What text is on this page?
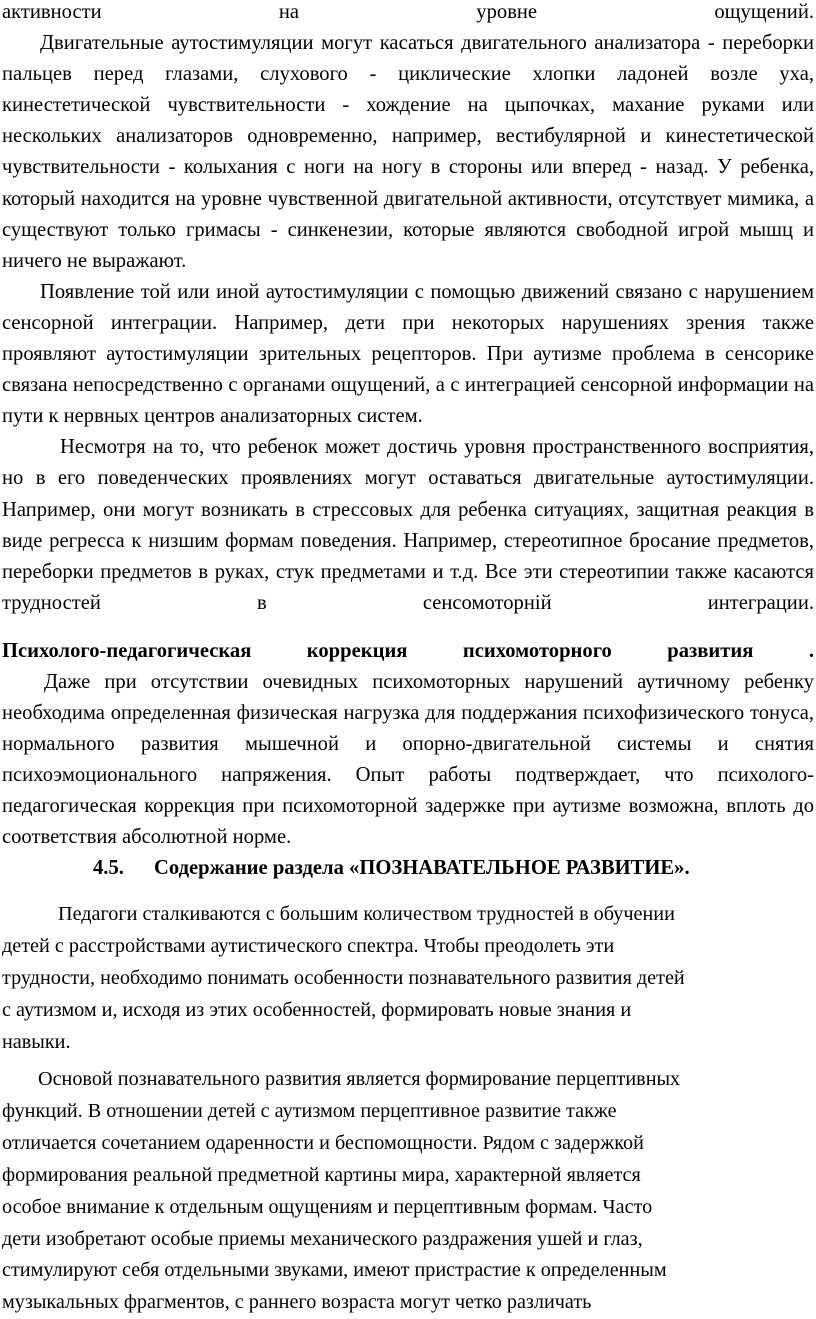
активности на уровне ощущений.

Двигательные аутостимуляции могут касаться двигательного анализатора - переборки пальцев перед глазами, слухового - циклические хлопки ладоней возле уха, кинестетической чувствительности - хождение на цыпочках, махание руками или нескольких анализаторов одновременно, например, вестибулярной и кинестетической чувствительности - колыхания с ноги на ногу в стороны или вперед - назад. У ребенка, который находится на уровне чувственной двигательной активности, отсутствует мимика, а существуют только гримасы - синкенезии, которые являются свободной игрой мышц и ничего не выражают.

Появление той или иной аутостимуляции с помощью движений связано с нарушением сенсорной интеграции. Например, дети при некоторых нарушениях зрения также проявляют аутостимуляции зрительных рецепторов. При аутизме проблема в сенсорике связана непосредственно с органами ощущений, а с интеграцией сенсорной информации на пути к нервных центров анализаторных систем.

Несмотря на то, что ребенок может достичь уровня пространственного восприятия, но в его поведенческих проявлениях могут оставаться двигательные аутостимуляции. Например, они могут возникать в стрессовых для ребенка ситуациях, защитная реакция в виде регресса к низшим формам поведения. Например, стереотипное бросание предметов, переборки предметов в руках, стук предметами и т.д. Все эти стереотипии также касаются трудностей в сенсомоторній интеграции.

Психолого-педагогическая коррекция психомоторного развития .

Даже при отсутствии очевидных психомоторных нарушений аутичному ребенку необходима определенная физическая нагрузка для поддержания психофизического тонуса, нормального развития мышечной и опорно-двигательной системы и снятия психоэмоционального напряжения. Опыт работы подтверждает, что психолого-педагогическая коррекция при психомоторной задержке при аутизме возможна, вплоть до соответствия абсолютной норме.

4.5. Содержание раздела «ПОЗНАВАТЕЛЬНОЕ РАЗВИТИЕ».

Педагоги сталкиваются с большим количеством трудностей в обучении
детей с расстройствами аутистического спектра. Чтобы преодолеть эти
трудности, необходимо понимать особенности познавательного развития детей
с аутизмом и, исходя из этих особенностей, формировать новые знания и
навыки.
Основой познавательного развития является формирование перцептивных
функций. В отношении детей с аутизмом перцептивное развитие также
отличается сочетанием одаренности и беспомощности. Рядом с задержкой
формирования реальной предметной картины мира, характерной является
особое внимание к отдельным ощущениям и перцептивным формам. Часто
дети изобретают особые приемы механического раздражения ушей и глаз,
стимулируют себя отдельными звуками, имеют пристрастие к определенным
музыкальных фрагментов, с раннего возраста могут четко различать
